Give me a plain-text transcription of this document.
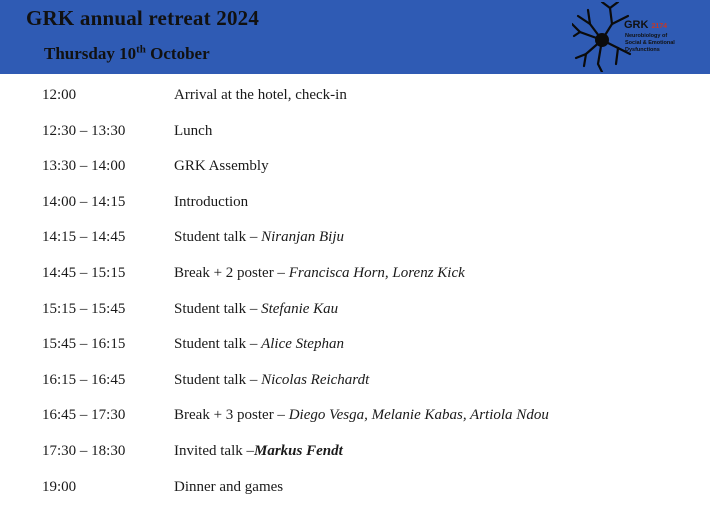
GRK annual retreat 2024
Thursday 10th October
GRK 2174
Neurobiology of
Social & Emotional
Dysfunctions
12:00	Arrival at the hotel, check-in
12:30 – 13:30	Lunch
13:30 – 14:00	GRK Assembly
14:00 – 14:15	Introduction
14:15 – 14:45	Student talk – Niranjan Biju
14:45 – 15:15	Break + 2 poster – Francisca Horn, Lorenz Kick
15:15 – 15:45	Student talk – Stefanie Kau
15:45 – 16:15	Student talk – Alice Stephan
16:15 – 16:45	Student talk – Nicolas Reichardt
16:45 – 17:30	Break + 3 poster – Diego Vesga, Melanie Kabas, Artiola Ndou
17:30 – 18:30	Invited talk –Markus Fendt
19:00	Dinner and games
